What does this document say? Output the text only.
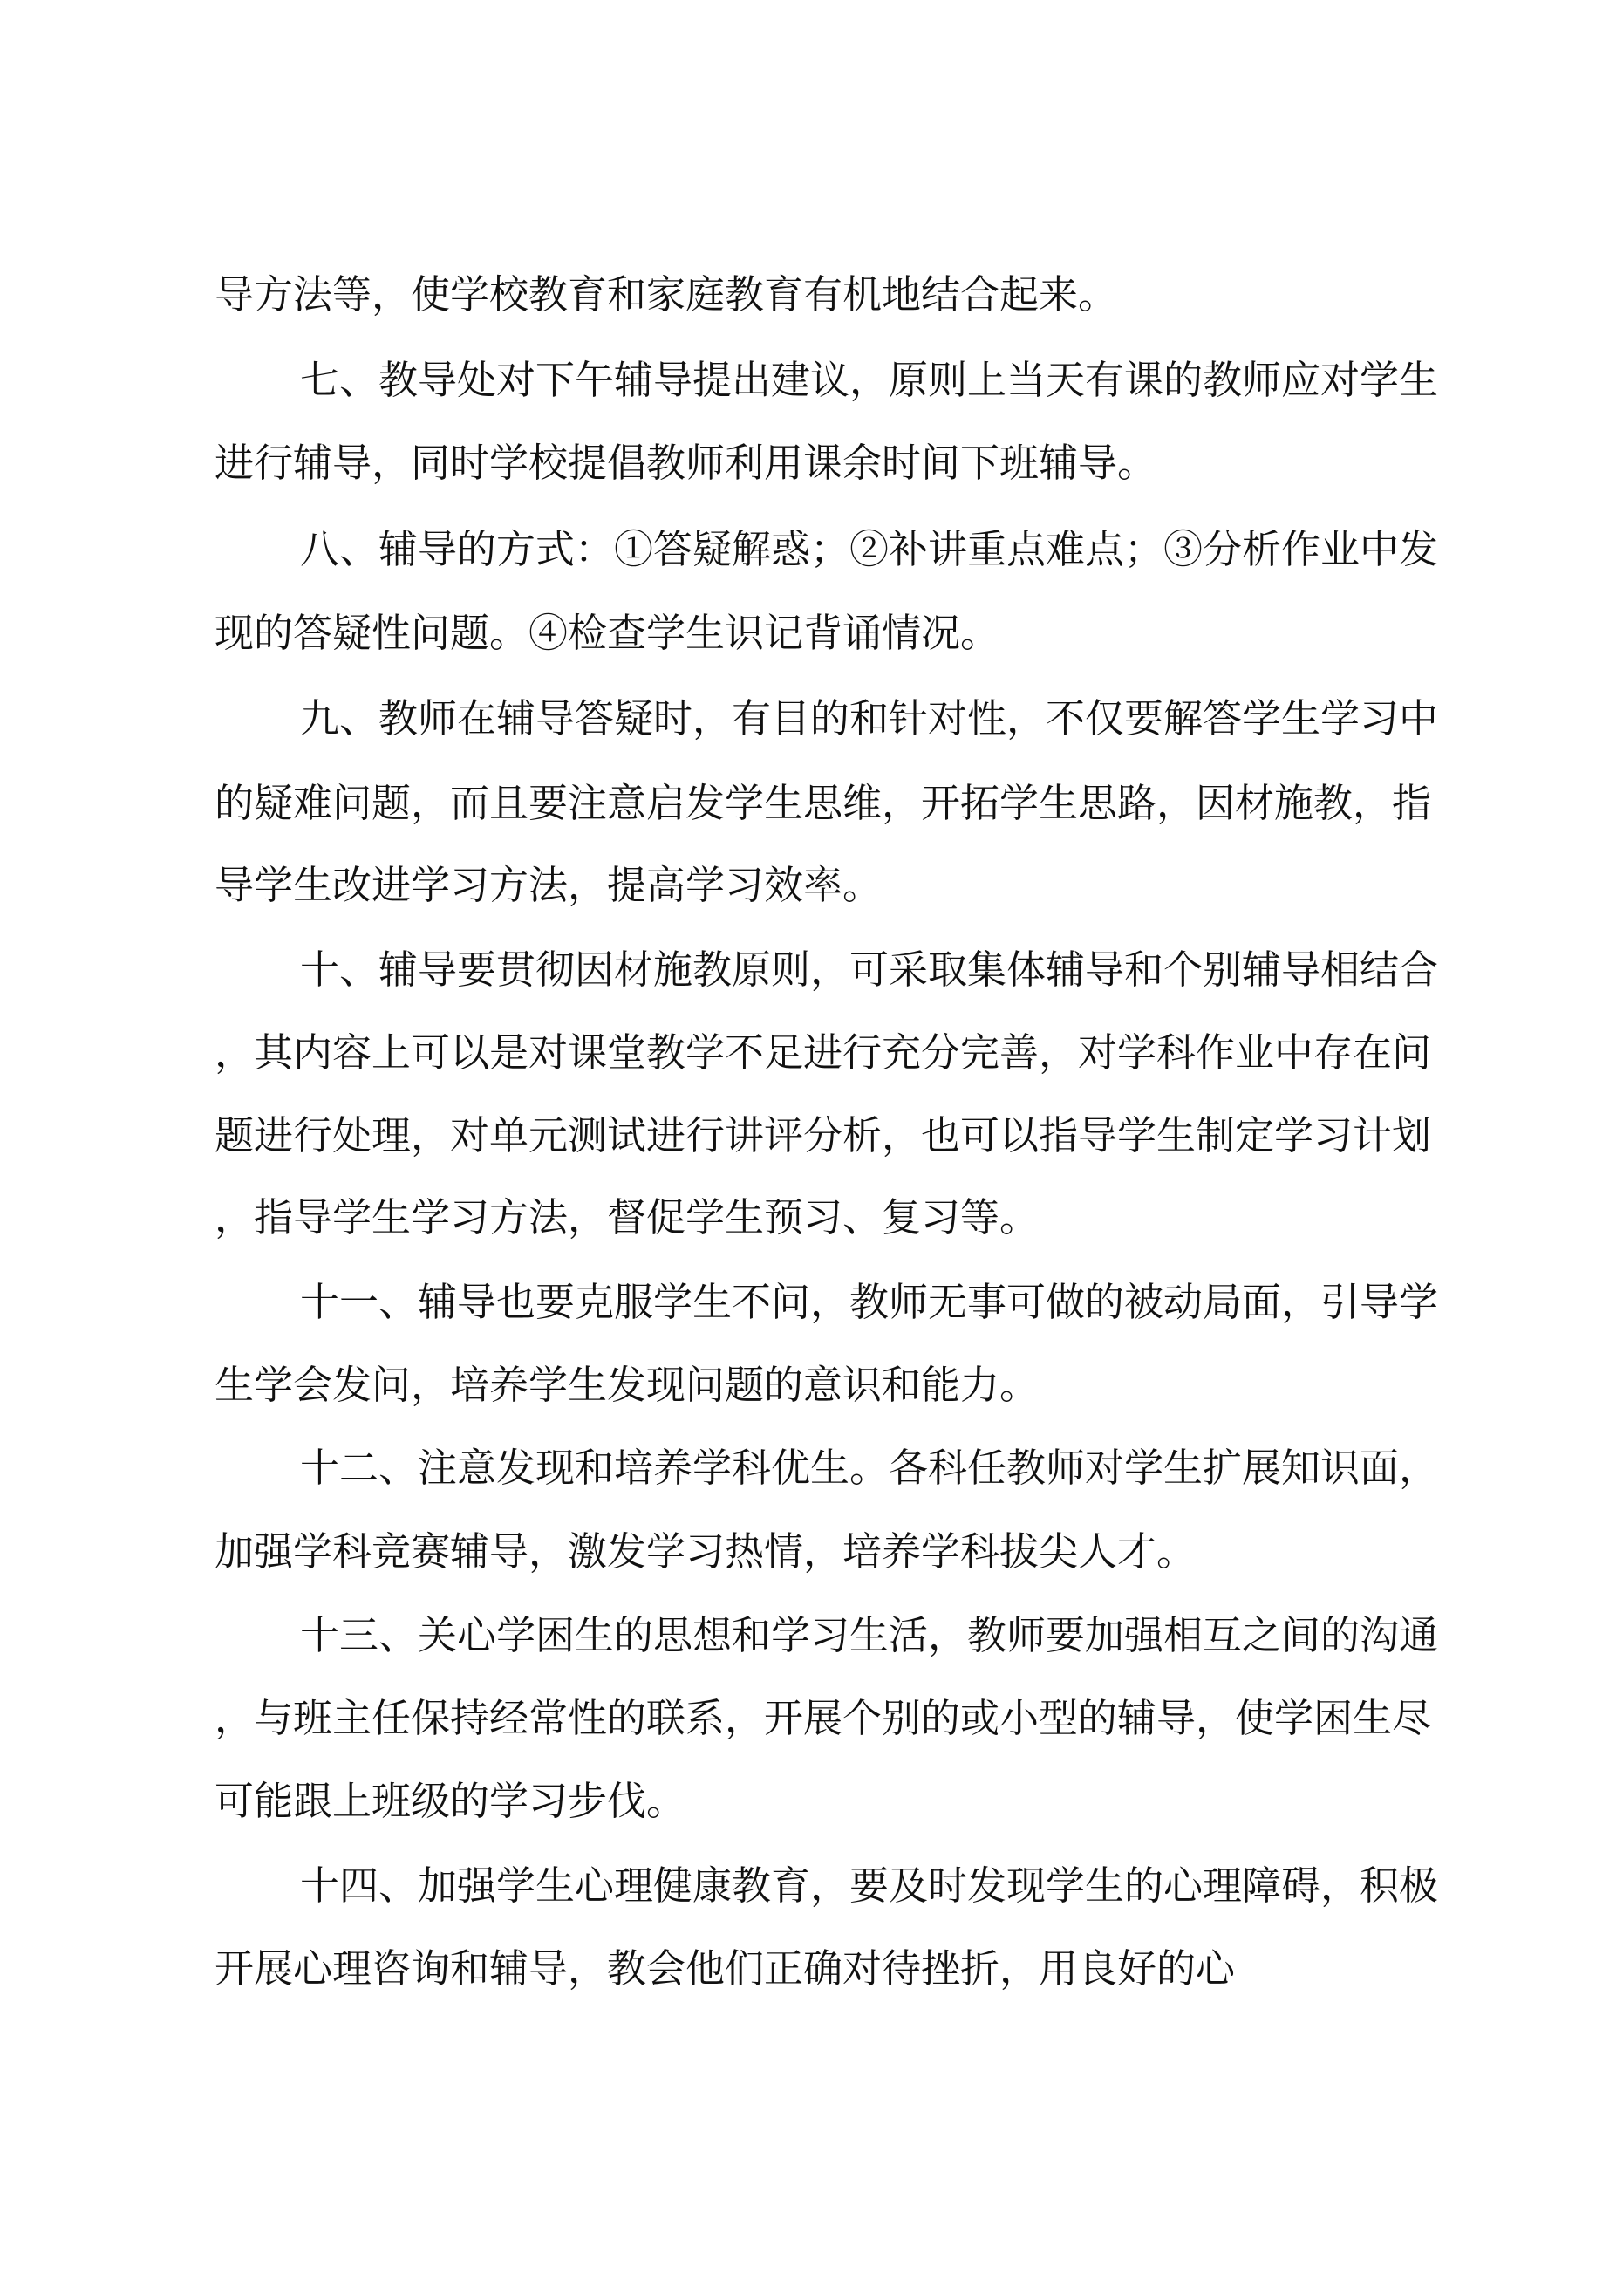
导方法等，使学校教育和家庭教育有机地结合起来。
七、教导处对下午辅导提出建议，原则上当天有课的教师应对学生
进行辅导，同时学校提倡教师利用课余时间下班辅导。
八、辅导的方式：①答疑解惑；②补讲重点难点；③分析作业中发
现的答疑性问题。④检查学生识记背诵情况。
九、教师在辅导答疑时，有目的和针对性，不仅要解答学生学习中
的疑难问题，而且要注意启发学生思维，开拓学生思路，因材施教，指
导学生改进学习方法，提高学习效率。
十、辅导要贯彻因材施教原则，可采取集体辅导和个别辅导相结合
，其内容上可以是对课堂教学不足进行充分完善，对学科作业中存在问
题进行处理，对单元测试进行讲评分析，也可以指导学生制定学习计划
，指导学生学习方法，督促学生预习、复习等。
十一、辅导也要克服学生不问，教师无事可做的被动局面，引导学
生学会发问，培养学生发现问题的意识和能力。
十二、注意发现和培养学科优生。各科任教师对学生扩展知识面，
加强学科竞赛辅导，激发学习热情，培养学科拔尖人才。
十三、关心学困生的思想和学习生活，教师要加强相互之间的沟通
，与班主任保持经常性的联系，开展个别的或小型的辅导，使学困生尽
可能跟上班级的学习步伐。
十四、加强学生心理健康教育，要及时发现学生的心理障碍，积极
开展心理咨询和辅导，教会他们正确对待挫折，用良好的心
